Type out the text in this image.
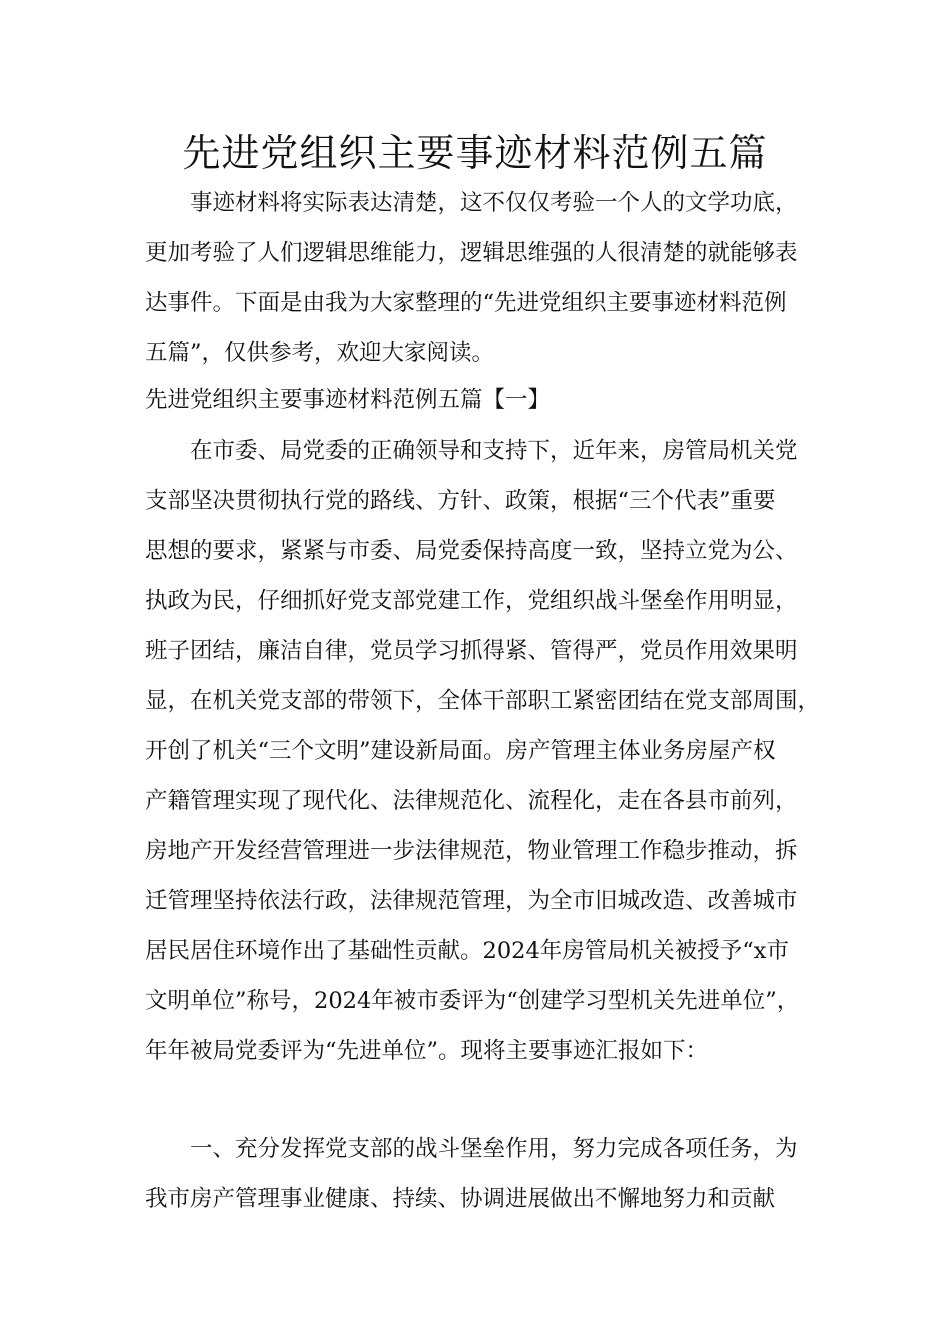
先进党组织主要事迹材料范例五篇

事迹材料将实际表达清楚，这不仅仅考验一个人的文学功底，

更加考验了人们逻辑思维能力，逻辑思维强的人很清楚的就能够表

达事件。下面是由我为大家整理的“先进党组织主要事迹材料范例

五篇”，仅供参考，欢迎大家阅读。

先进党组织主要事迹材料范例五篇【一】

在市委、局党委的正确领导和支持下，近年来，房管局机关党

支部坚决贯彻执行党的路线、方针、政策，根据“三个代表”重要

思想的要求，紧紧与市委、局党委保持高度一致，坚持立党为公、

执政为民，仔细抓好党支部党建工作，党组织战斗堡垒作用明显，

班子团结，廉洁自律，党员学习抓得紧、管得严，党员作用效果明

显，在机关党支部的带领下，全体干部职工紧密团结在党支部周围，

开创了机关“三个文明”建设新局面。房产管理主体业务房屋产权

产籍管理实现了现代化、法律规范化、流程化，走在各县市前列，

房地产开发经营管理进一步法律规范，物业管理工作稳步推动，拆

迁管理坚持依法行政，法律规范管理，为全市旧城改造、改善城市

居民居住环境作出了基础性贡献。2024年房管局机关被授予“x市

文明单位”称号，2024年被市委评为“创建学习型机关先进单位”，

年年被局党委评为“先进单位”。现将主要事迹汇报如下：

一、充分发挥党支部的战斗堡垒作用，努力完成各项任务，为

我市房产管理事业健康、持续、协调进展做出不懈地努力和贡献
